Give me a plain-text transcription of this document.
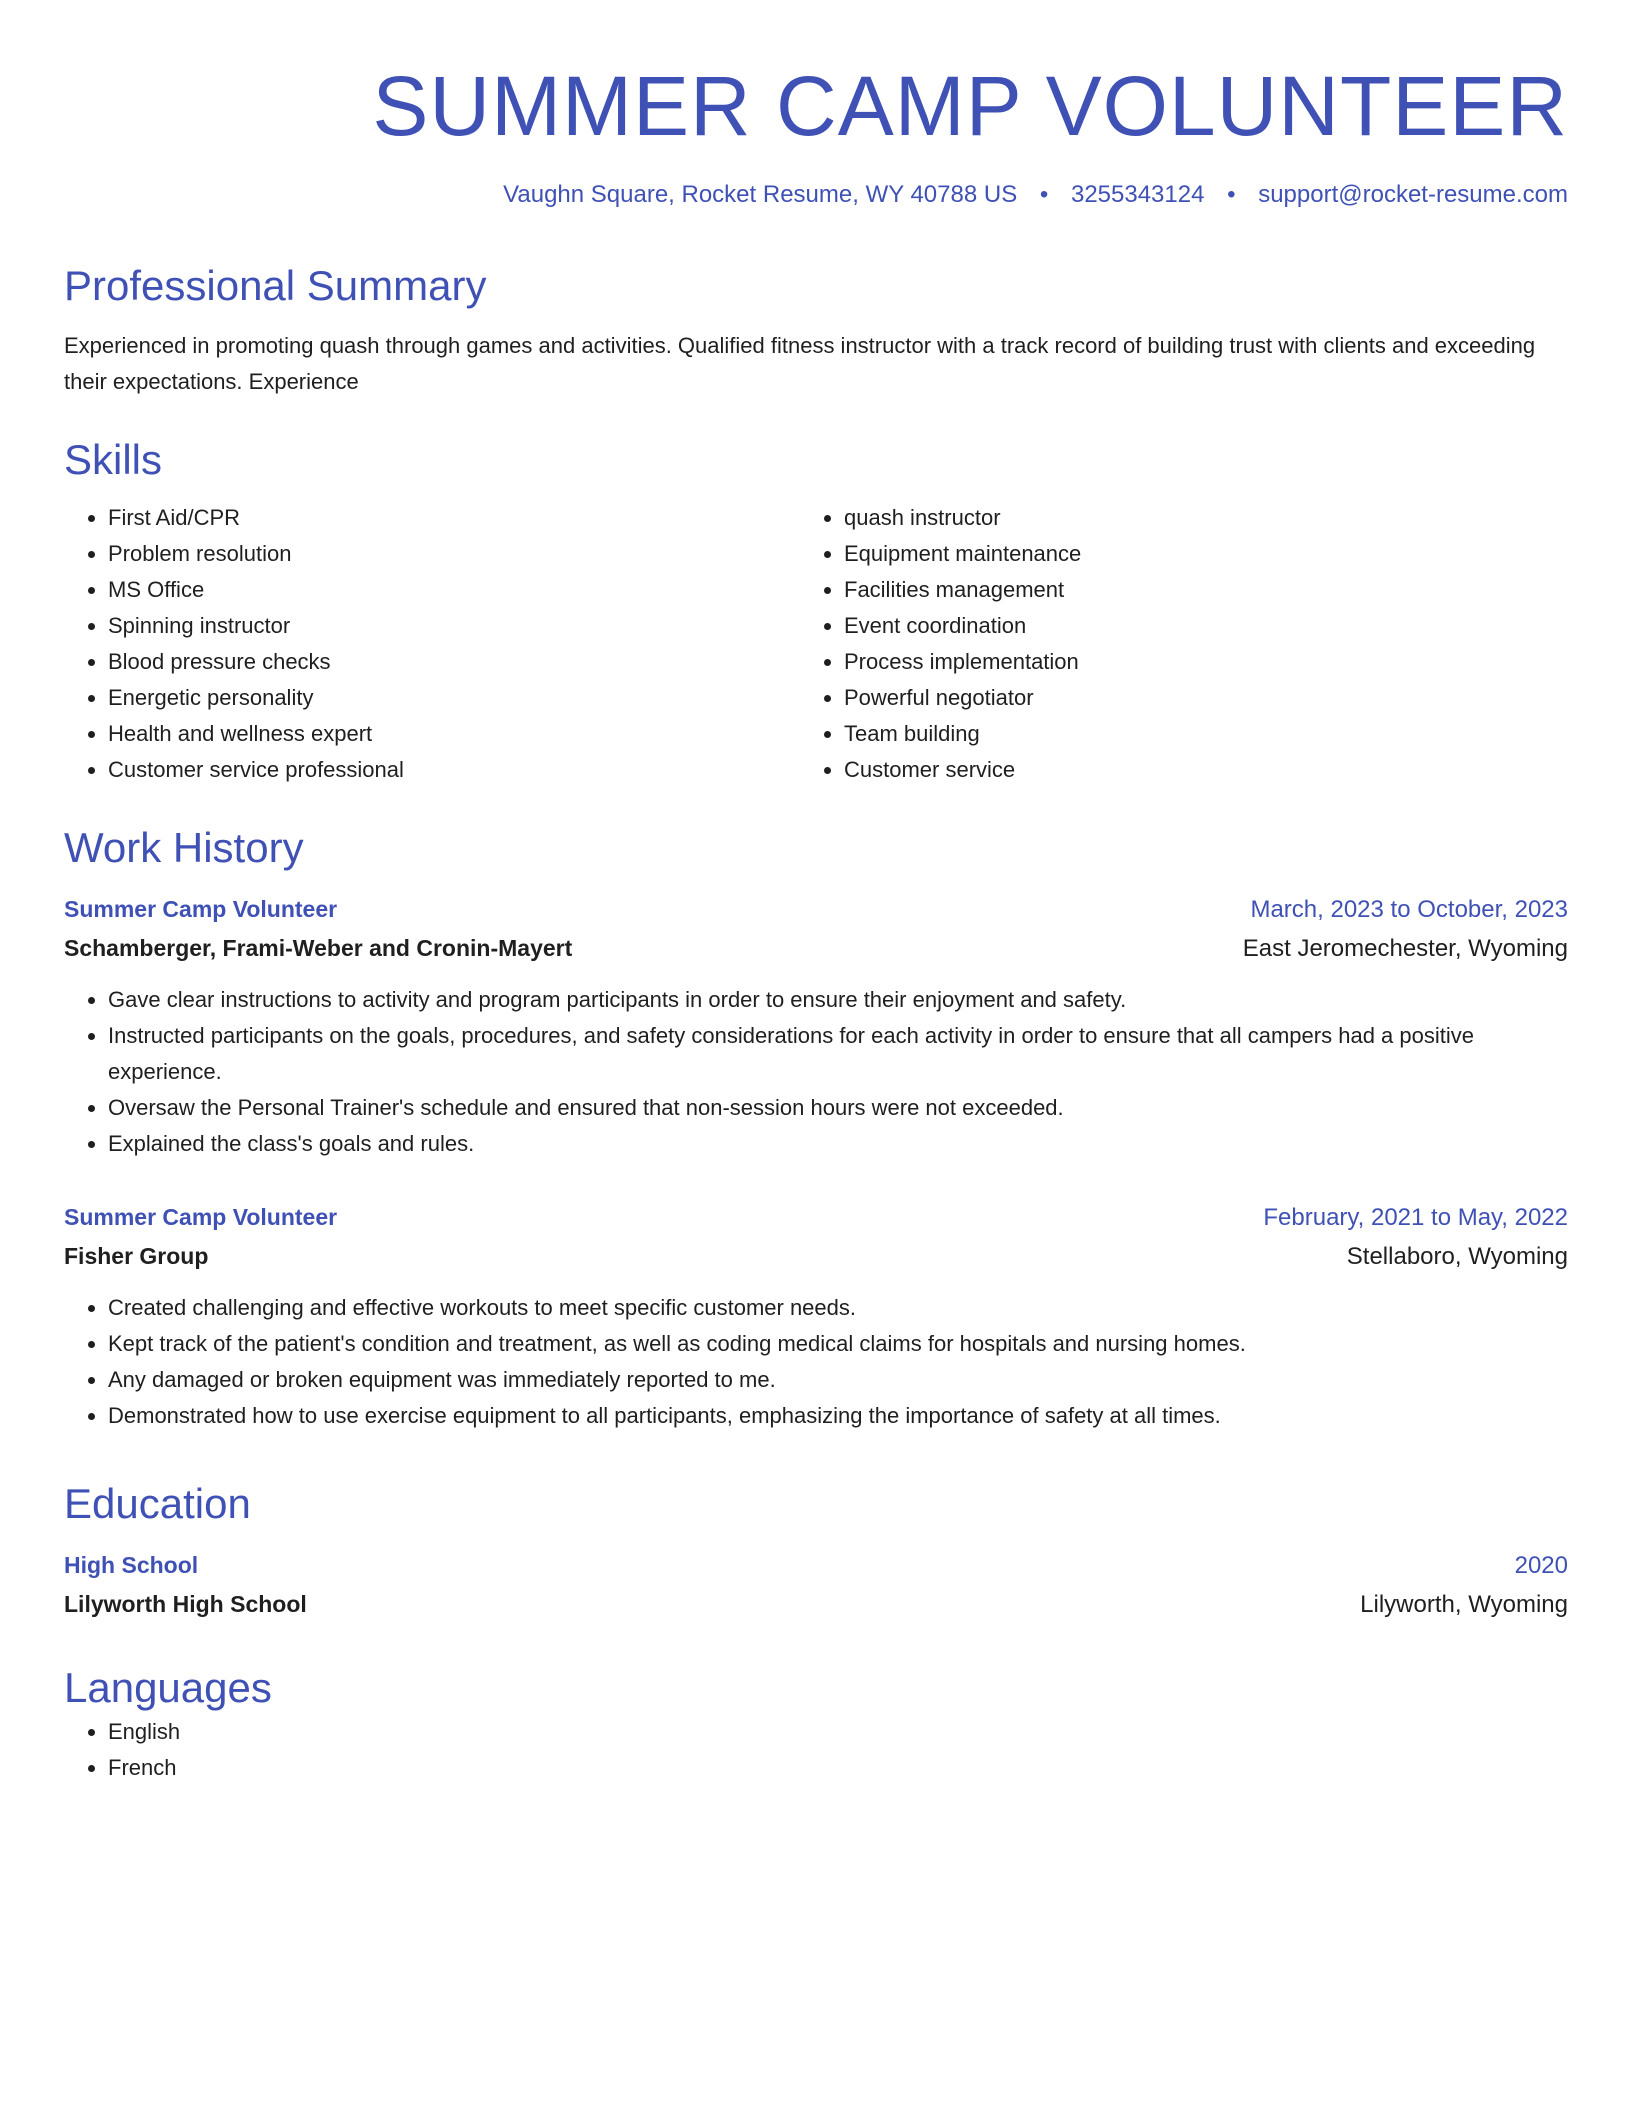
SUMMER CAMP VOLUNTEER
Vaughn Square, Rocket Resume, WY 40788 US • 3255343124 • support@rocket-resume.com
Professional Summary

Experienced in promoting quash through games and activities. Qualified fitness instructor with a track record of building trust with clients and exceeding their expectations. Experience

Skills
• First Aid/CPR
• Problem resolution
• MS Office
• Spinning instructor
• Blood pressure checks
• Energetic personality
• Health and wellness expert
• Customer service professional
• quash instructor
• Equipment maintenance
• Facilities management
• Event coordination
• Process implementation
• Powerful negotiator
• Team building
• Customer service
Work History
Summer Camp Volunteer	March, 2023 to October, 2023
Schamberger, Frami-Weber and Cronin-Mayert	East Jeromechester, Wyoming
• Gave clear instructions to activity and program participants in order to ensure their enjoyment and safety.
• Instructed participants on the goals, procedures, and safety considerations for each activity in order to ensure that all campers had a positive experience.
• Oversaw the Personal Trainer's schedule and ensured that non-session hours were not exceeded.
• Explained the class's goals and rules.
Summer Camp Volunteer	February, 2021 to May, 2022
Fisher Group	Stellaboro, Wyoming
• Created challenging and effective workouts to meet specific customer needs.
• Kept track of the patient's condition and treatment, as well as coding medical claims for hospitals and nursing homes.
• Any damaged or broken equipment was immediately reported to me.
• Demonstrated how to use exercise equipment to all participants, emphasizing the importance of safety at all times.
Education
High School	2020
Lilyworth High School	Lilyworth, Wyoming
Languages
• English
• French
